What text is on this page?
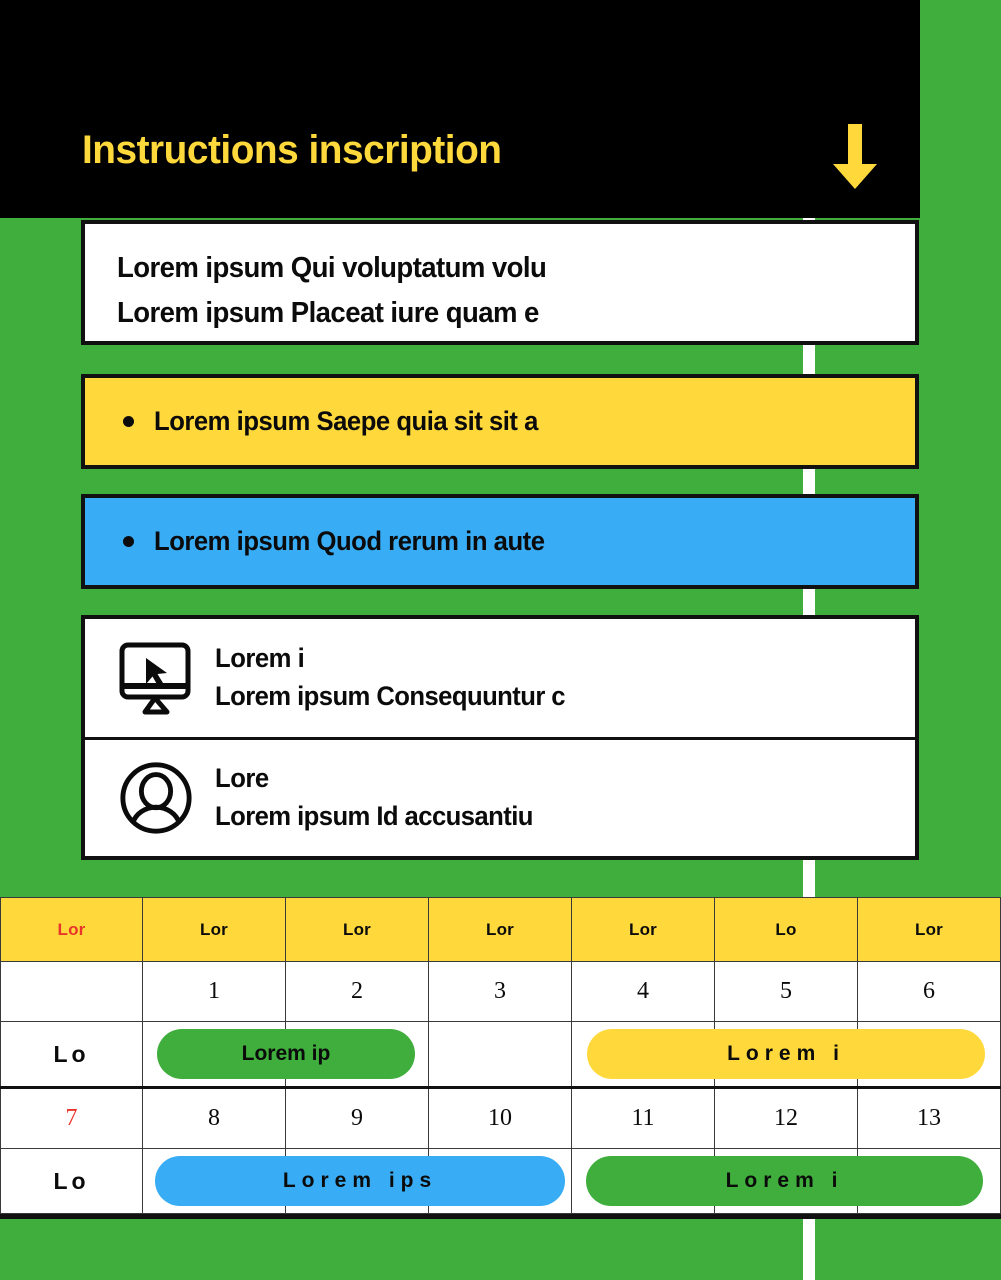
Instructions inscription
Lorem ipsum Qui voluptatum volu
Lorem ipsum Placeat iure quam e
Lorem ipsum Saepe quia sit sit a
Lorem ipsum Quod rerum in aute
Lorem i
Lorem ipsum Consequuntur c
Lore
Lorem ipsum Id accusantiu
Lor	Lor	Lor	Lor	Lor	Lo	Lor
	1	2	3	4	5	6
Lo	Lorem ip			Lorem i		

7	8	9	10	11	12	13
Lo	Lorem ips			Lorem i		
